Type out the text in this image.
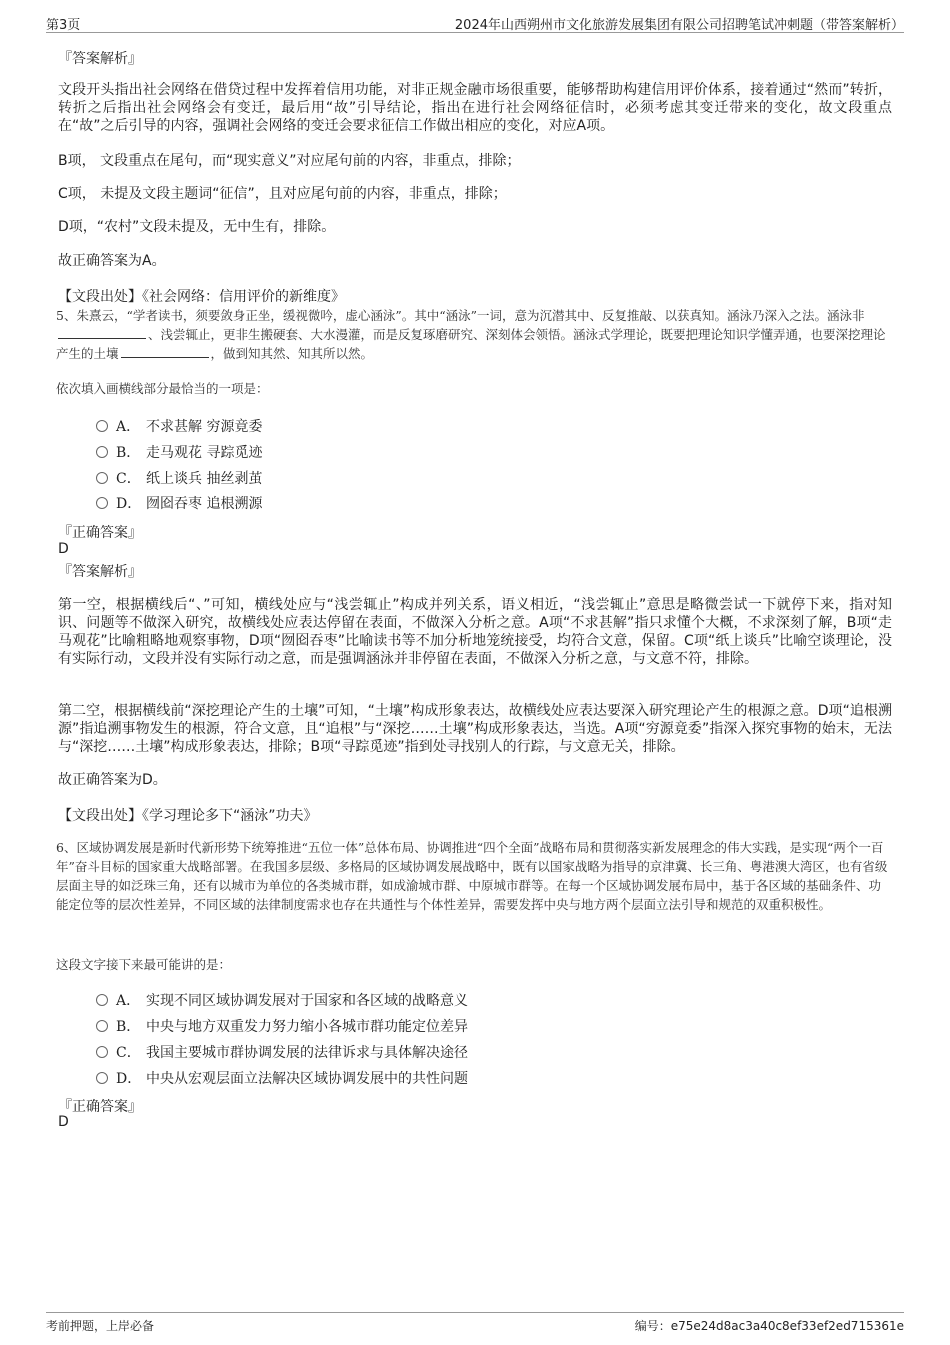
第3页	2024年山西朔州市文化旅游发展集团有限公司招聘笔试冲刺题（带答案解析）
『答案解析』
文段开头指出社会网络在借贷过程中发挥着信用功能，对非正规金融市场很重要，能够帮助构建信用评价体系，接着通过“然而”转折，转折之后指出社会网络会有变迁，最后用“故”引导结论，指出在进行社会网络征信时，必须考虑其变迁带来的变化，故文段重点在“故”之后引导的内容，强调社会网络的变迁会要求征信工作做出相应的变化，对应A项。
B项， 文段重点在尾句，而“现实意义”对应尾句前的内容，非重点，排除；
C项， 未提及文段主题词“征信”，且对应尾句前的内容，非重点，排除；
D项，“农村”文段未提及，无中生有，排除。
故正确答案为A。
【文段出处】《社会网络：信用评价的新维度》
5、朱熹云，“学者读书，须要敛身正坐，缓视微吟，虚心涵泳”。其中“涵泳”一词，意为沉潜其中、反复推敲、以获真知。涵泳乃深入之法。涵泳非、浅尝辄止，更非生搬硬套、大水漫灌，而是反复琢磨研究、深刻体会领悟。涵泳式学理论，既要把理论知识学懂弄通，也要深挖理论产生的土壤	，做到知其然、知其所以然。
依次填入画横线部分最恰当的一项是：
A． 不求甚解 穷源竟委
B． 走马观花 寻踪觅迹
C． 纸上谈兵 抽丝剥茧
D． 囫囵吞枣 追根溯源
『正确答案』
D
『答案解析』
第一空，根据横线后“、”可知，横线处应与“浅尝辄止”构成并列关系，语义相近，“浅尝辄止”意思是略微尝试一下就停下来，指对知识、问题等不做深入研究，故横线处应表达停留在表面，不做深入分析之意。A项“不求甚解”指只求懂个大概，不求深刻了解，B项“走马观花”比喻粗略地观察事物，D项“囫囵吞枣”比喻读书等不加分析地笼统接受，均符合文意，保留。C项“纸上谈兵”比喻空谈理论，没有实际行动，文段并没有实际行动之意，而是强调涵泳并非停留在表面，不做深入分析之意，与文意不符，排除。
第二空，根据横线前“深挖理论产生的土壤”可知，“土壤”构成形象表达，故横线处应表达要深入研究理论产生的根源之意。D项“追根溯源”指追溯事物发生的根源，符合文意，且“追根”与“深挖……土壤”构成形象表达，当选。A项“穷源竟委”指深入探究事物的始末，无法与“深挖……土壤”构成形象表达，排除；B项“寻踪觅迹”指到处寻找别人的行踪，与文意无关，排除。
故正确答案为D。
【文段出处】《学习理论多下“涵泳”功夫》
6、区域协调发展是新时代新形势下统筹推进“五位一体”总体布局、协调推进“四个全面”战略布局和贯彻落实新发展理念的伟大实践，是实现“两个一百年”奋斗目标的国家重大战略部署。在我国多层级、多格局的区域协调发展战略中，既有以国家战略为指导的京津冀、长三角、粤港澳大湾区，也有省级层面主导的如泛珠三角，还有以城市为单位的各类城市群，如成渝城市群、中原城市群等。在每一个区域协调发展布局中，基于各区域的基础条件、功能定位等的层次性差异，不同区域的法律制度需求也存在共通性与个体性差异，需要发挥中央与地方两个层面立法引导和规范的双重积极性。
这段文字接下来最可能讲的是：
A． 实现不同区域协调发展对于国家和各区域的战略意义
B． 中央与地方双重发力努力缩小各城市群功能定位差异
C． 我国主要城市群协调发展的法律诉求与具体解决途径
D． 中央从宏观层面立法解决区域协调发展中的共性问题
『正确答案』
D
考前押题，上岸必备	编号：e75e24d8ac3a40c8ef33ef2ed715361e
